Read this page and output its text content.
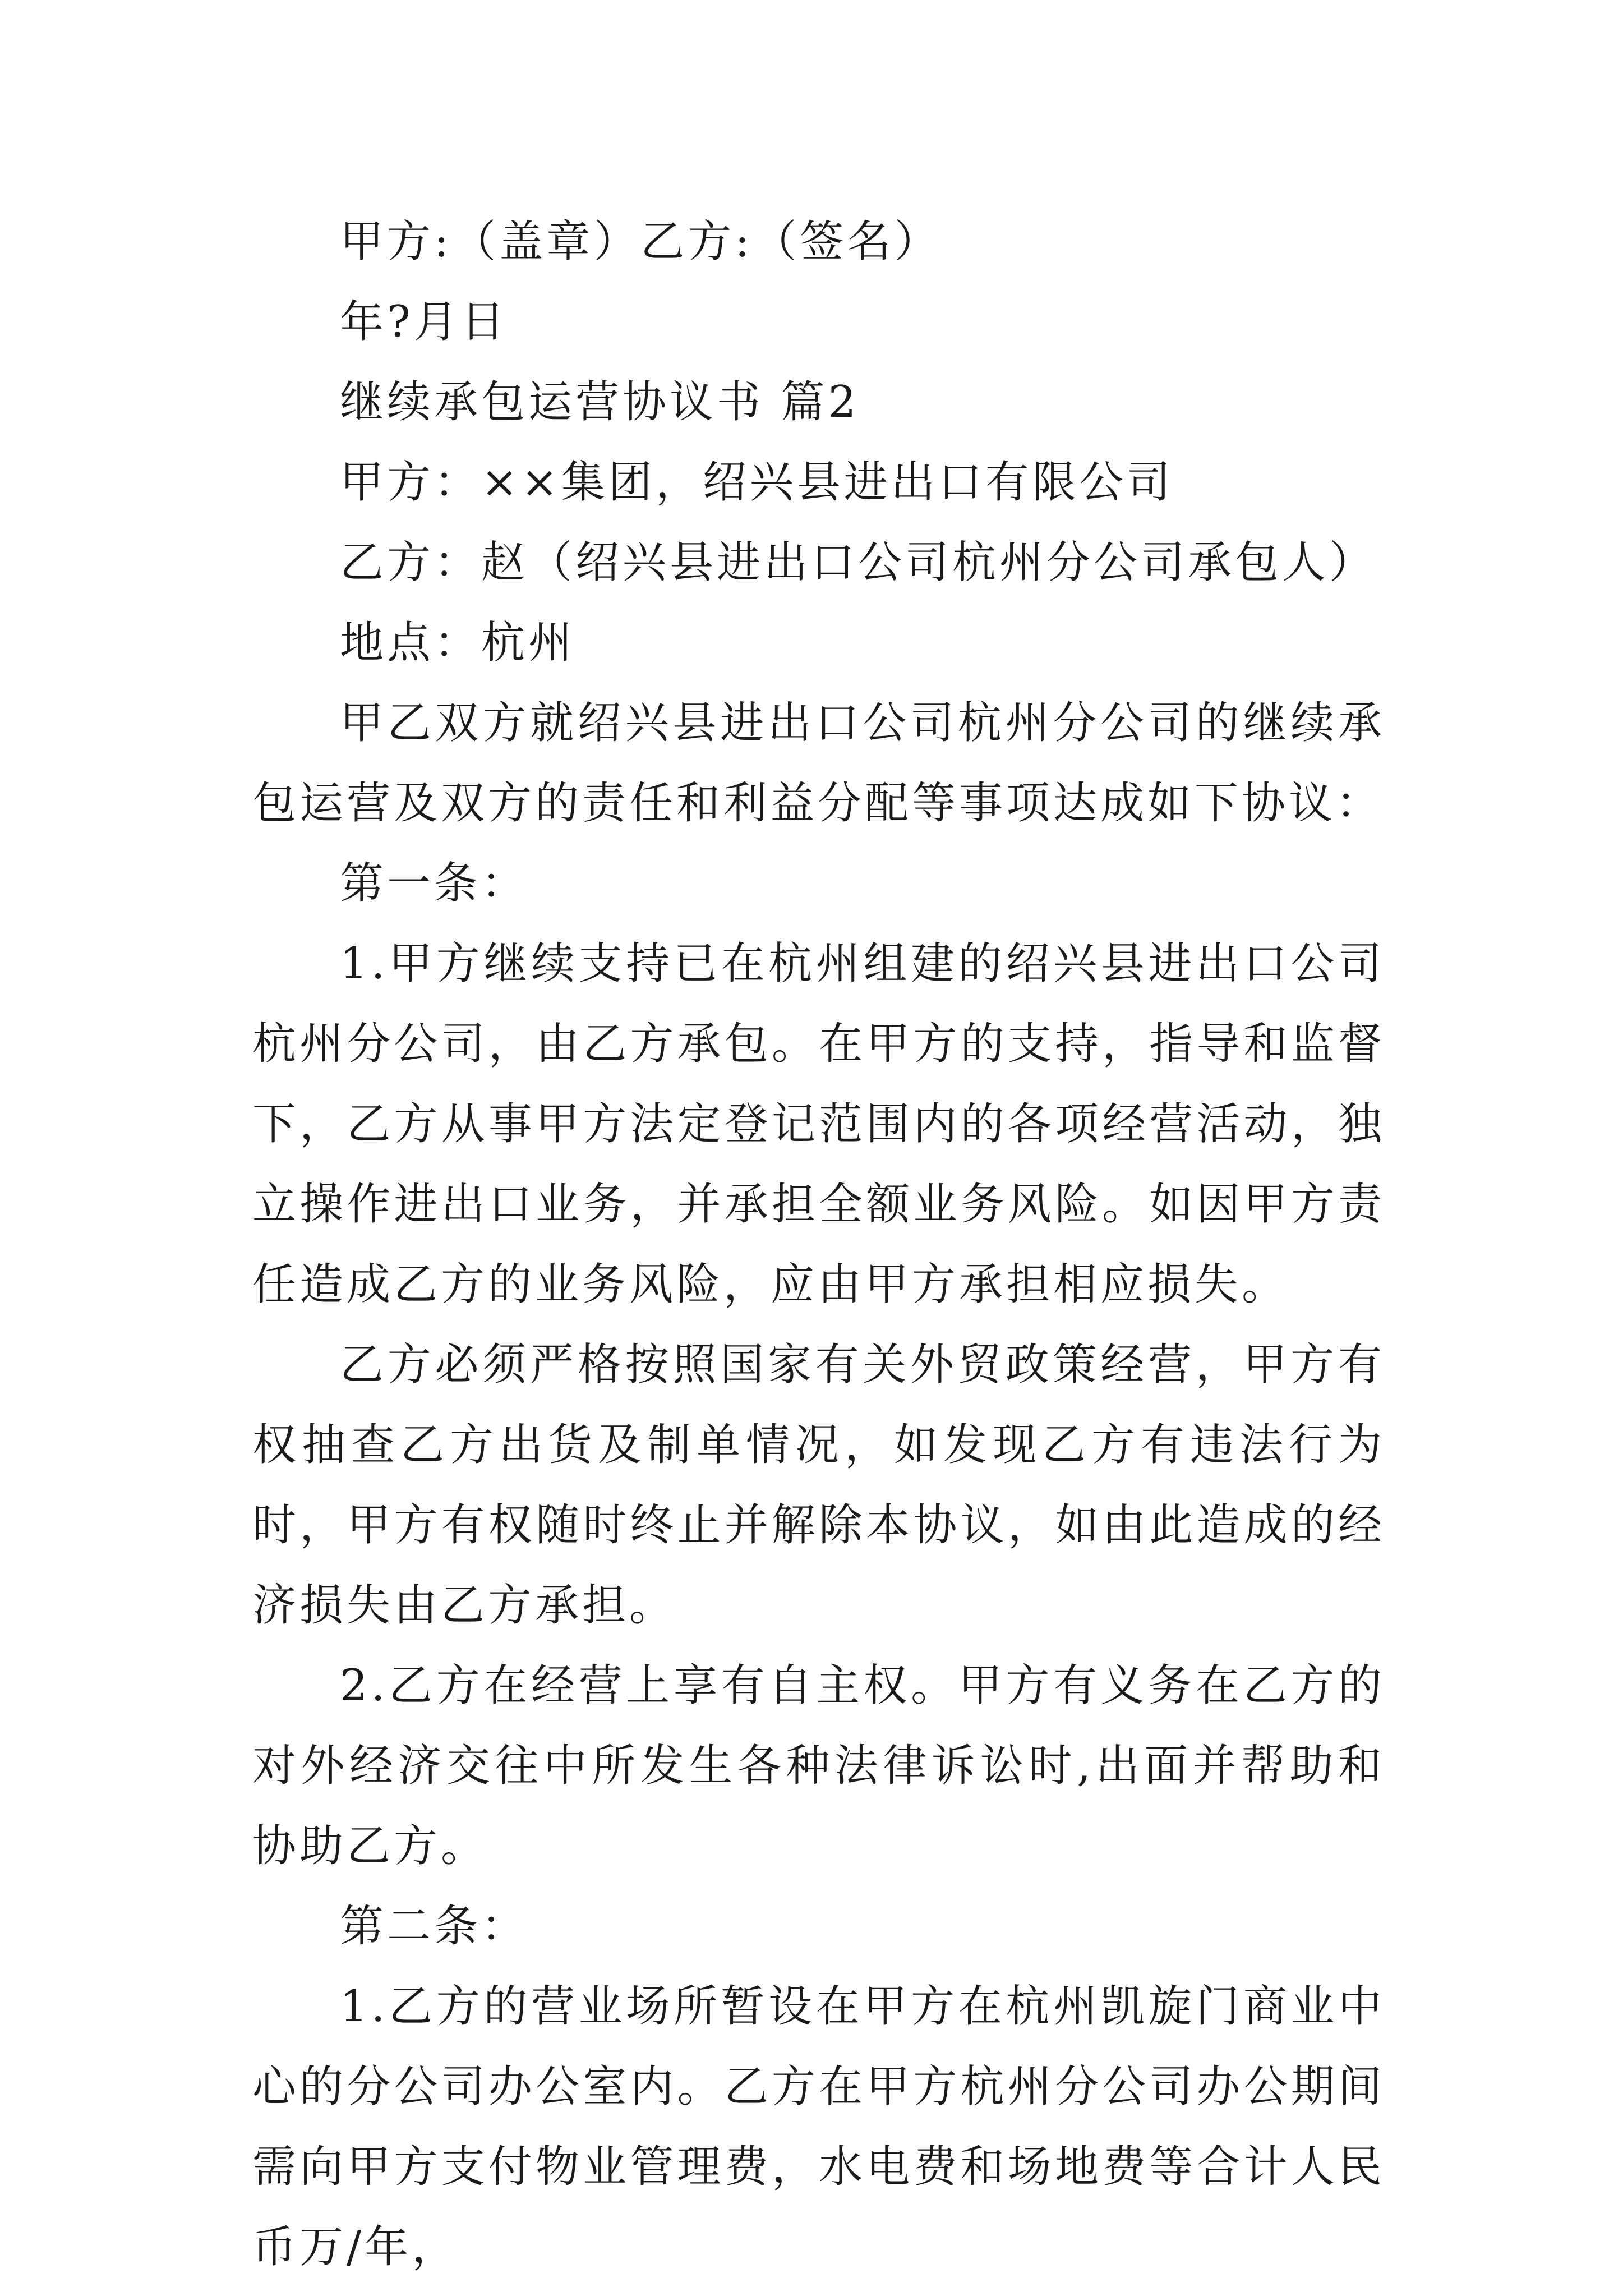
甲方:（盖章）乙方:（签名）

年?月日

继续承包运营协议书 篇2

甲方：××集团，绍兴县进出口有限公司

乙方：赵（绍兴县进出口公司杭州分公司承包人）

地点：杭州

甲乙双方就绍兴县进出口公司杭州分公司的继续承包运营及双方的责任和利益分配等事项达成如下协议：

第一条：

1.甲方继续支持已在杭州组建的绍兴县进出口公司杭州分公司，由乙方承包。在甲方的支持，指导和监督下，乙方从事甲方法定登记范围内的各项经营活动，独立操作进出口业务，并承担全额业务风险。如因甲方责任造成乙方的业务风险，应由甲方承担相应损失。

乙方必须严格按照国家有关外贸政策经营，甲方有权抽查乙方出货及制单情况，如发现乙方有违法行为时，甲方有权随时终止并解除本协议，如由此造成的经济损失由乙方承担。

2.乙方在经营上享有自主权。甲方有义务在乙方的对外经济交往中所发生各种法律诉讼时,出面并帮助和协助乙方。

第二条：

1.乙方的营业场所暂设在甲方在杭州凯旋门商业中心的分公司办公室内。乙方在甲方杭州分公司办公期间需向甲方支付物业管理费，水电费和场地费等合计人民币万/年，
